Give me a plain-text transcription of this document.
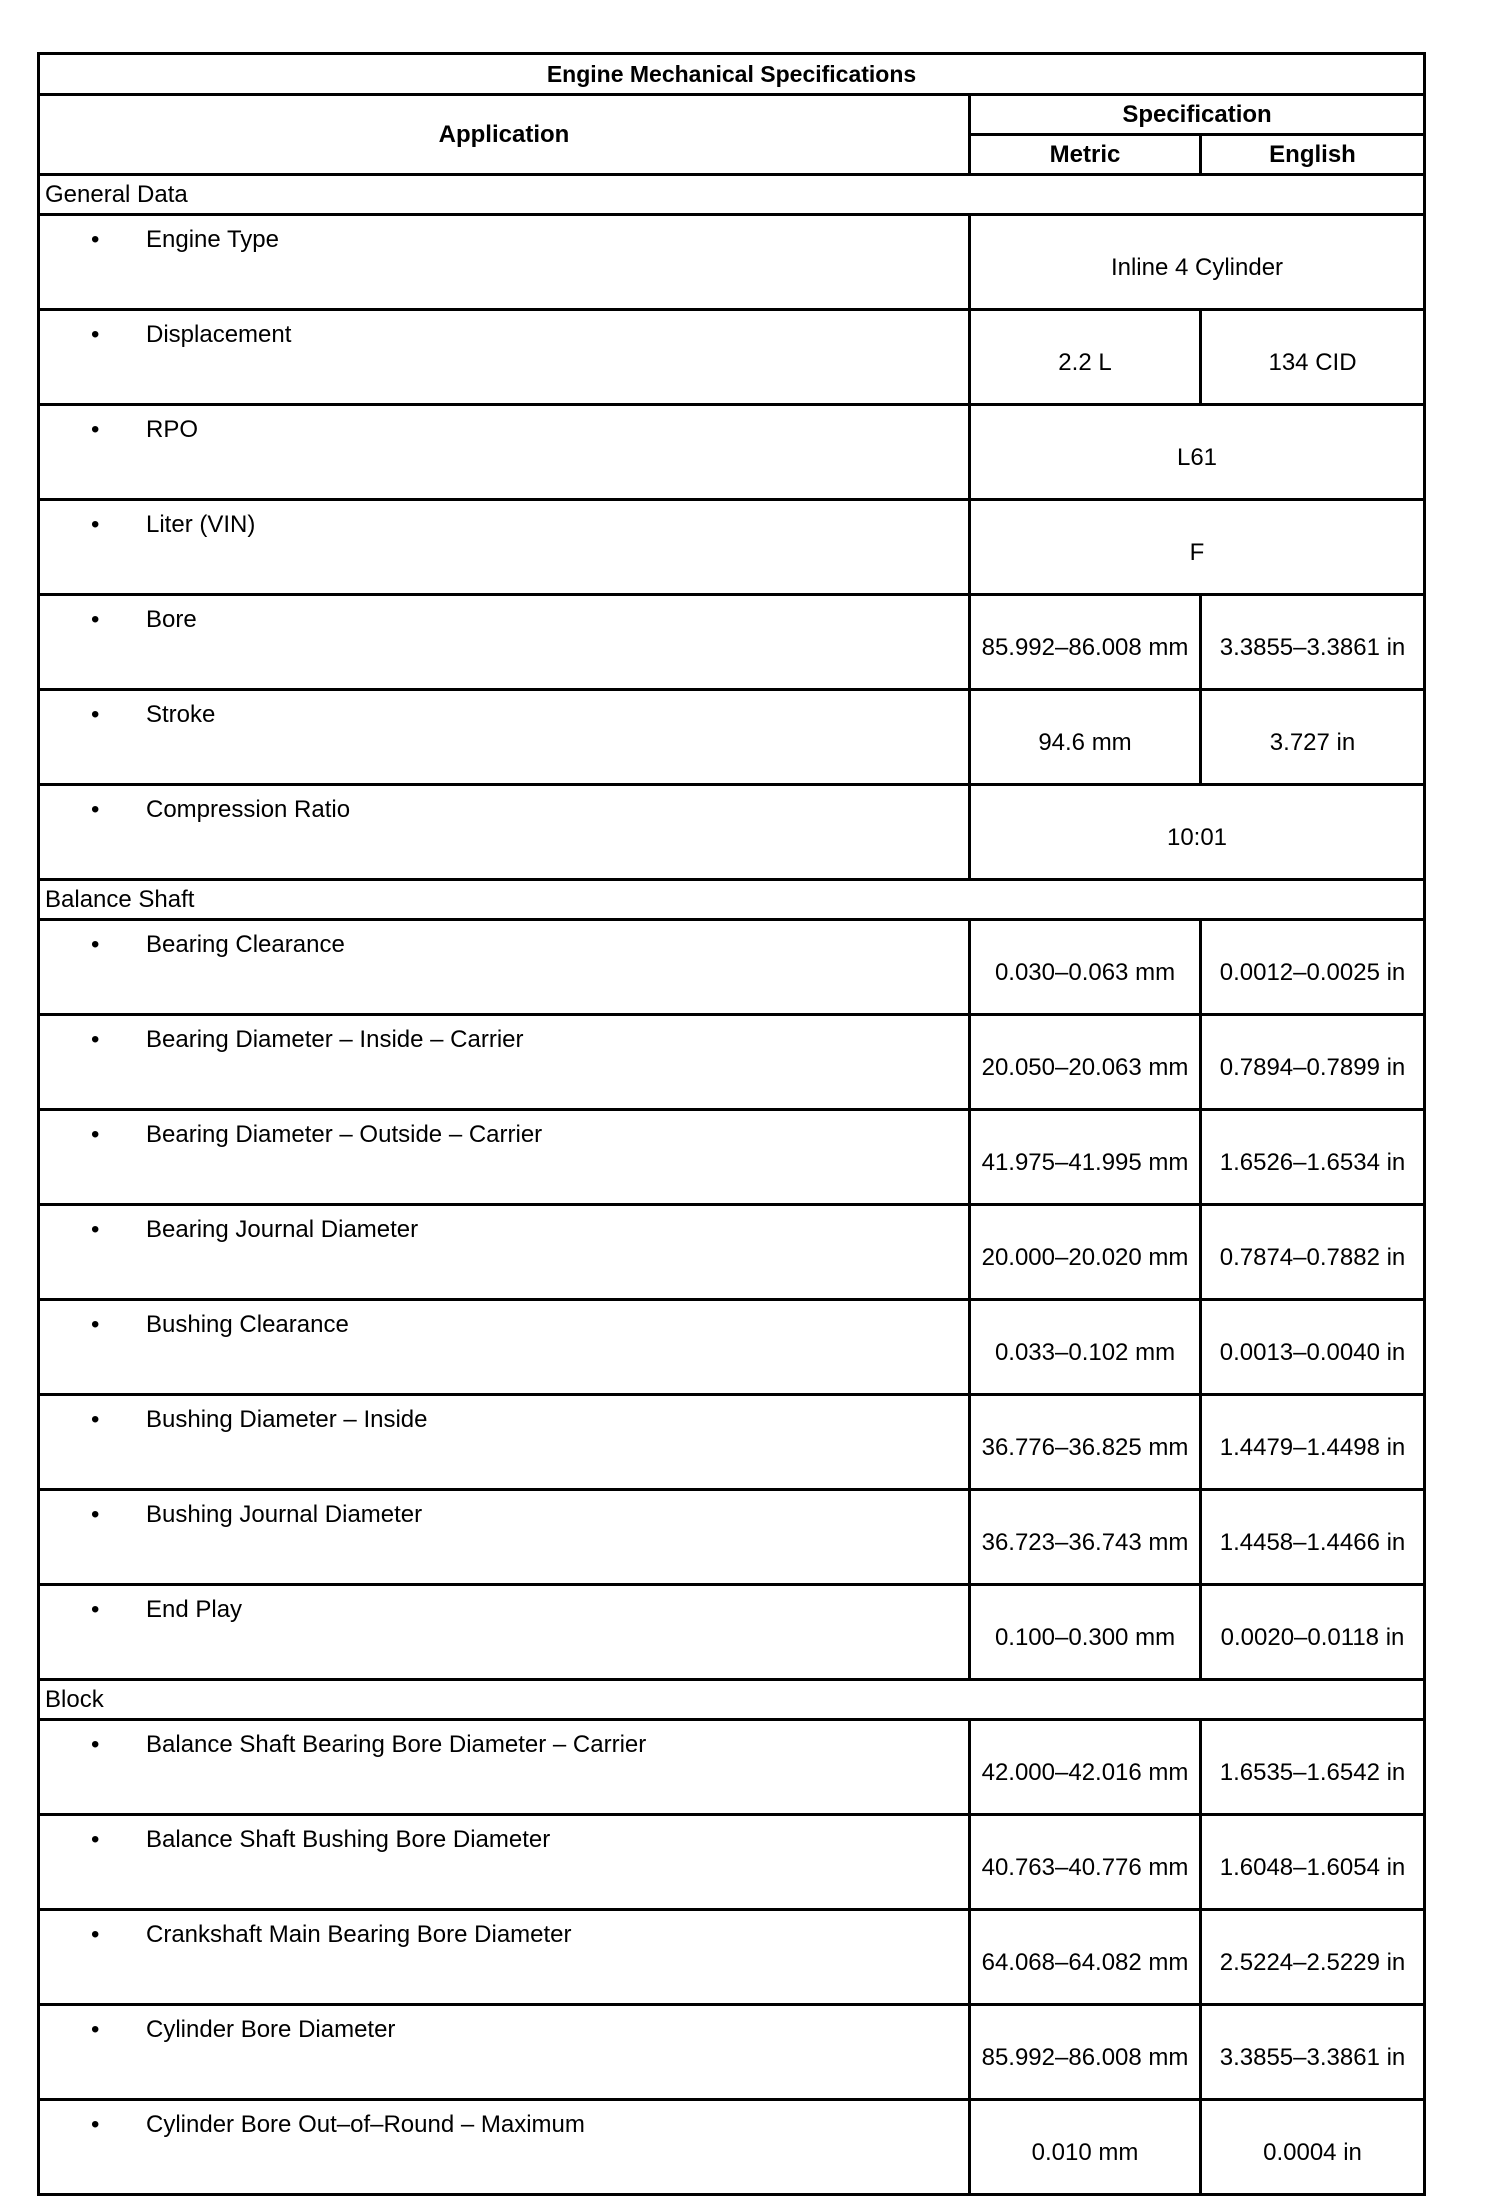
Engine Mechanical Specifications		
Application	Specification	
	Metric	English
General Data		

• Engine Type	Inline 4 Cylinder	

• Displacement	2.2 L	134 CID

• RPO	L61	

• Liter (VIN)	F	

• Bore	85.992–86.008 mm	3.3855–3.3861 in

• Stroke	94.6 mm	3.727 in

• Compression Ratio	10:01	
Balance Shaft		

• Bearing Clearance	0.030–0.063 mm	0.0012–0.0025 in

• Bearing Diameter – Inside – Carrier	20.050–20.063 mm	0.7894–0.7899 in

• Bearing Diameter – Outside – Carrier	41.975–41.995 mm	1.6526–1.6534 in

• Bearing Journal Diameter	20.000–20.020 mm	0.7874–0.7882 in

• Bushing Clearance	0.033–0.102 mm	0.0013–0.0040 in

• Bushing Diameter – Inside	36.776–36.825 mm	1.4479–1.4498 in

• Bushing Journal Diameter	36.723–36.743 mm	1.4458–1.4466 in

• End Play	0.100–0.300 mm	0.0020–0.0118 in
Block		

• Balance Shaft Bearing Bore Diameter – Carrier	42.000–42.016 mm	1.6535–1.6542 in

• Balance Shaft Bushing Bore Diameter	40.763–40.776 mm	1.6048–1.6054 in

• Crankshaft Main Bearing Bore Diameter	64.068–64.082 mm	2.5224–2.5229 in

• Cylinder Bore Diameter	85.992–86.008 mm	3.3855–3.3861 in

• Cylinder Bore Out–of–Round – Maximum	0.010 mm	0.0004 in
